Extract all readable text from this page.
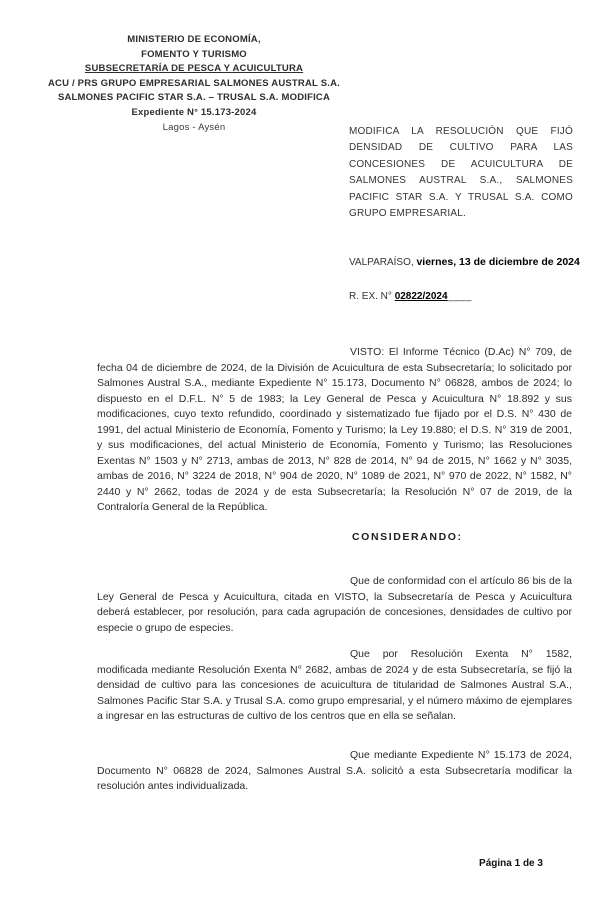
MINISTERIO DE ECONOMÍA,
FOMENTO Y TURISMO
SUBSECRETARÍA DE PESCA Y ACUICULTURA
ACU / PRS GRUPO EMPRESARIAL SALMONES AUSTRAL S.A.
SALMONES PACIFIC STAR S.A. – TRUSAL S.A. MODIFICA
Expediente N° 15.173-2024
Lagos - Aysén	MODIFICA LA RESOLUCIÓN QUE FIJÓ DENSIDAD DE CULTIVO PARA LAS CONCESIONES DE ACUICULTURA DE SALMONES AUSTRAL S.A., SALMONES PACIFIC STAR S.A. Y TRUSAL S.A. COMO GRUPO EMPRESARIAL.
VALPARAÍSO, viernes, 13 de diciembre de 2024
R. EX. N° 02822/2024____
VISTO: El Informe Técnico (D.Ac) N° 709, de fecha 04 de diciembre de 2024, de la División de Acuicultura de esta Subsecretaría; lo solicitado por Salmones Austral S.A., mediante Expediente N° 15.173, Documento N° 06828, ambos de 2024; lo dispuesto en el D.F.L. N° 5 de 1983; la Ley General de Pesca y Acuicultura N° 18.892 y sus modificaciones, cuyo texto refundido, coordinado y sistematizado fue fijado por el D.S. N° 430 de 1991, del actual Ministerio de Economía, Fomento y Turismo; la Ley 19.880; el D.S. N° 319 de 2001, y sus modificaciones, del actual Ministerio de Economía, Fomento y Turismo; las Resoluciones Exentas N° 1503 y N° 2713, ambas de 2013, N° 828 de 2014, N° 94 de 2015, N° 1662 y N° 3035, ambas de 2016, N° 3224 de 2018, N° 904 de 2020, N° 1089 de 2021, N° 970 de 2022, N° 1582, N° 2440 y N° 2662, todas de 2024 y de esta Subsecretaría; la Resolución N° 07 de 2019, de la Contraloría General de la República.
CONSIDERANDO:
Que de conformidad con el artículo 86 bis de la Ley General de Pesca y Acuicultura, citada en VISTO, la Subsecretaría de Pesca y Acuicultura deberá establecer, por resolución, para cada agrupación de concesiones, densidades de cultivo por especie o grupo de especies.
Que por Resolución Exenta N° 1582, modificada mediante Resolución Exenta N° 2682, ambas de 2024 y de esta Subsecretaría, se fijó la densidad de cultivo para las concesiones de acuicultura de titularidad de Salmones Austral S.A., Salmones Pacific Star S.A. y Trusal S.A. como grupo empresarial, y el número máximo de ejemplares a ingresar en las estructuras de cultivo de los centros que en ella se señalan.
Que mediante Expediente N° 15.173 de 2024, Documento N° 06828 de 2024, Salmones Austral S.A. solicitó a esta Subsecretaría modificar la resolución antes individualizada.
Página 1 de 3
